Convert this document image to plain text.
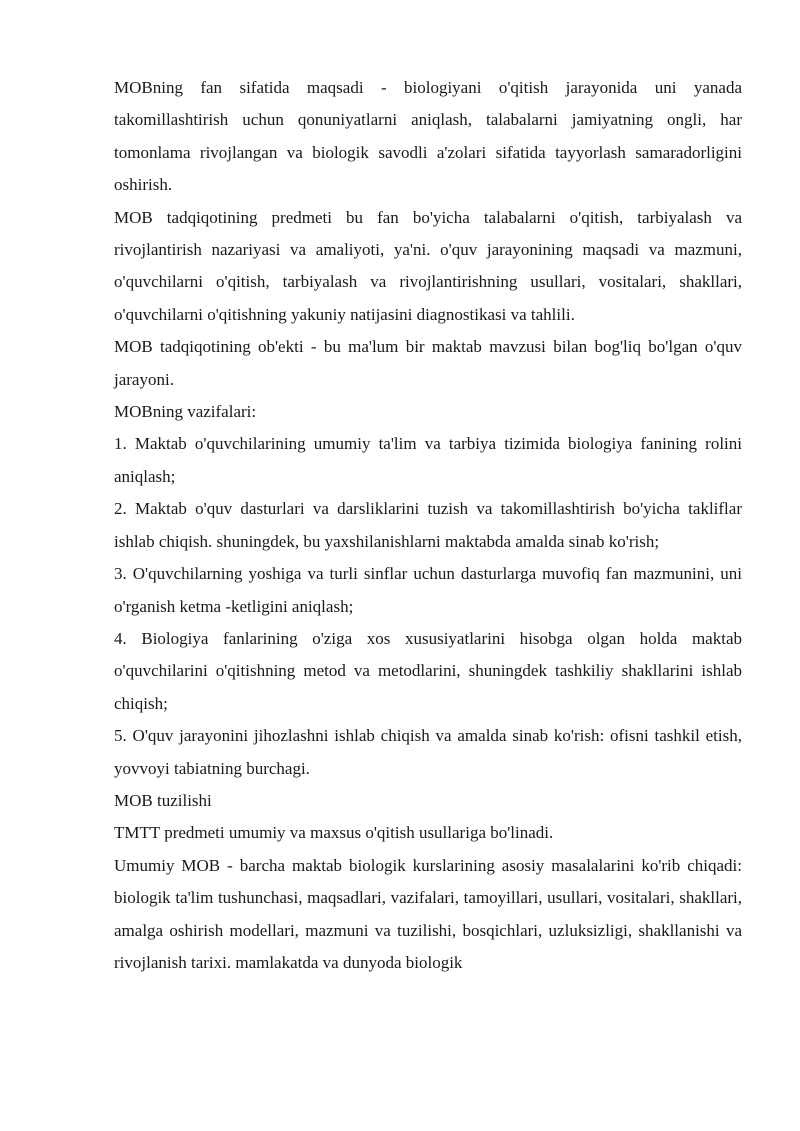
MOBning fan sifatida maqsadi - biologiyani o'qitish jarayonida uni yanada takomillashtirish uchun qonuniyatlarni aniqlash, talabalarni jamiyatning ongli, har tomonlama rivojlangan va biologik savodli a'zolari sifatida tayyorlash samaradorligini oshirish.

MOB tadqiqotining predmeti bu fan bo'yicha talabalarni o'qitish, tarbiyalash va rivojlantirish nazariyasi va amaliyoti, ya'ni. o'quv jarayonining maqsadi va mazmuni, o'quvchilarni o'qitish, tarbiyalash va rivojlantirishning usullari, vositalari, shakllari, o'quvchilarni o'qitishning yakuniy natijasini diagnostikasi va tahlili.

MOB tadqiqotining ob'ekti - bu ma'lum bir maktab mavzusi bilan bog'liq bo'lgan o'quv jarayoni.

MOBning vazifalari:

1. Maktab o'quvchilarining umumiy ta'lim va tarbiya tizimida biologiya fanining rolini aniqlash;

2. Maktab o'quv dasturlari va darsliklarini tuzish va takomillashtirish bo'yicha takliflar ishlab chiqish. shuningdek, bu yaxshilanishlarni maktabda amalda sinab ko'rish;

3. O'quvchilarning yoshiga va turli sinflar uchun dasturlarga muvofiq fan mazmunini, uni o'rganish ketma -ketligini aniqlash;

4. Biologiya fanlarining o'ziga xos xususiyatlarini hisobga olgan holda maktab o'quvchilarini o'qitishning metod va metodlarini, shuningdek tashkiliy shakllarini ishlab chiqish;

5. O'quv jarayonini jihozlashni ishlab chiqish va amalda sinab ko'rish: ofisni tashkil etish, yovvoyi tabiatning burchagi.

MOB tuzilishi

TMTT predmeti umumiy va maxsus o'qitish usullariga bo'linadi.

Umumiy MOB - barcha maktab biologik kurslarining asosiy masalalarini ko'rib chiqadi: biologik ta'lim tushunchasi, maqsadlari, vazifalari, tamoyillari, usullari, vositalari, shakllari, amalga oshirish modellari, mazmuni va tuzilishi, bosqichlari, uzluksizligi, shakllanishi va rivojlanish tarixi. mamlakatda va dunyoda biologik
